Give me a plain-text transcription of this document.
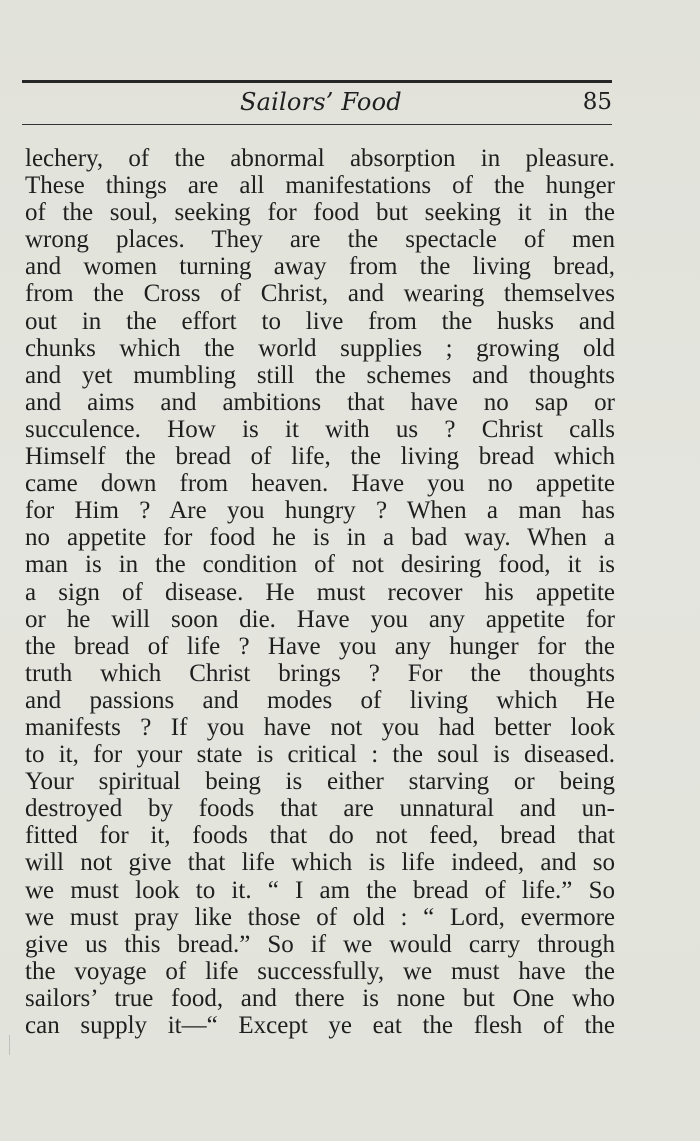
Sailors’ Food	85
lechery, of the abnormal absorption in pleasure.
These things are all manifestations of the hunger
of the soul, seeking for food but seeking it in the
wrong places. They are the spectacle of men
and women turning away from the living bread,
from the Cross of Christ, and wearing themselves
out in the effort to live from the husks and
chunks which the world supplies ; growing old
and yet mumbling still the schemes and thoughts
and aims and ambitions that have no sap or
succulence. How is it with us ? Christ calls
Himself the bread of life, the living bread which
came down from heaven. Have you no appetite
for Him ? Are you hungry ? When a man has
no appetite for food he is in a bad way. When a
man is in the condition of not desiring food, it is
a sign of disease. He must recover his appetite
or he will soon die. Have you any appetite for
the bread of life ? Have you any hunger for the
truth which Christ brings ? For the thoughts
and passions and modes of living which He
manifests ? If you have not you had better look
to it, for your state is critical : the soul is diseased.
Your spiritual being is either starving or being
destroyed by foods that are unnatural and un-
fitted for it, foods that do not feed, bread that
will not give that life which is life indeed, and so
we must look to it. “ I am the bread of life.” So
we must pray like those of old : “ Lord, evermore
give us this bread.” So if we would carry through
the voyage of life successfully, we must have the
sailors’ true food, and there is none but One who
can supply it—“ Except ye eat the flesh of the
